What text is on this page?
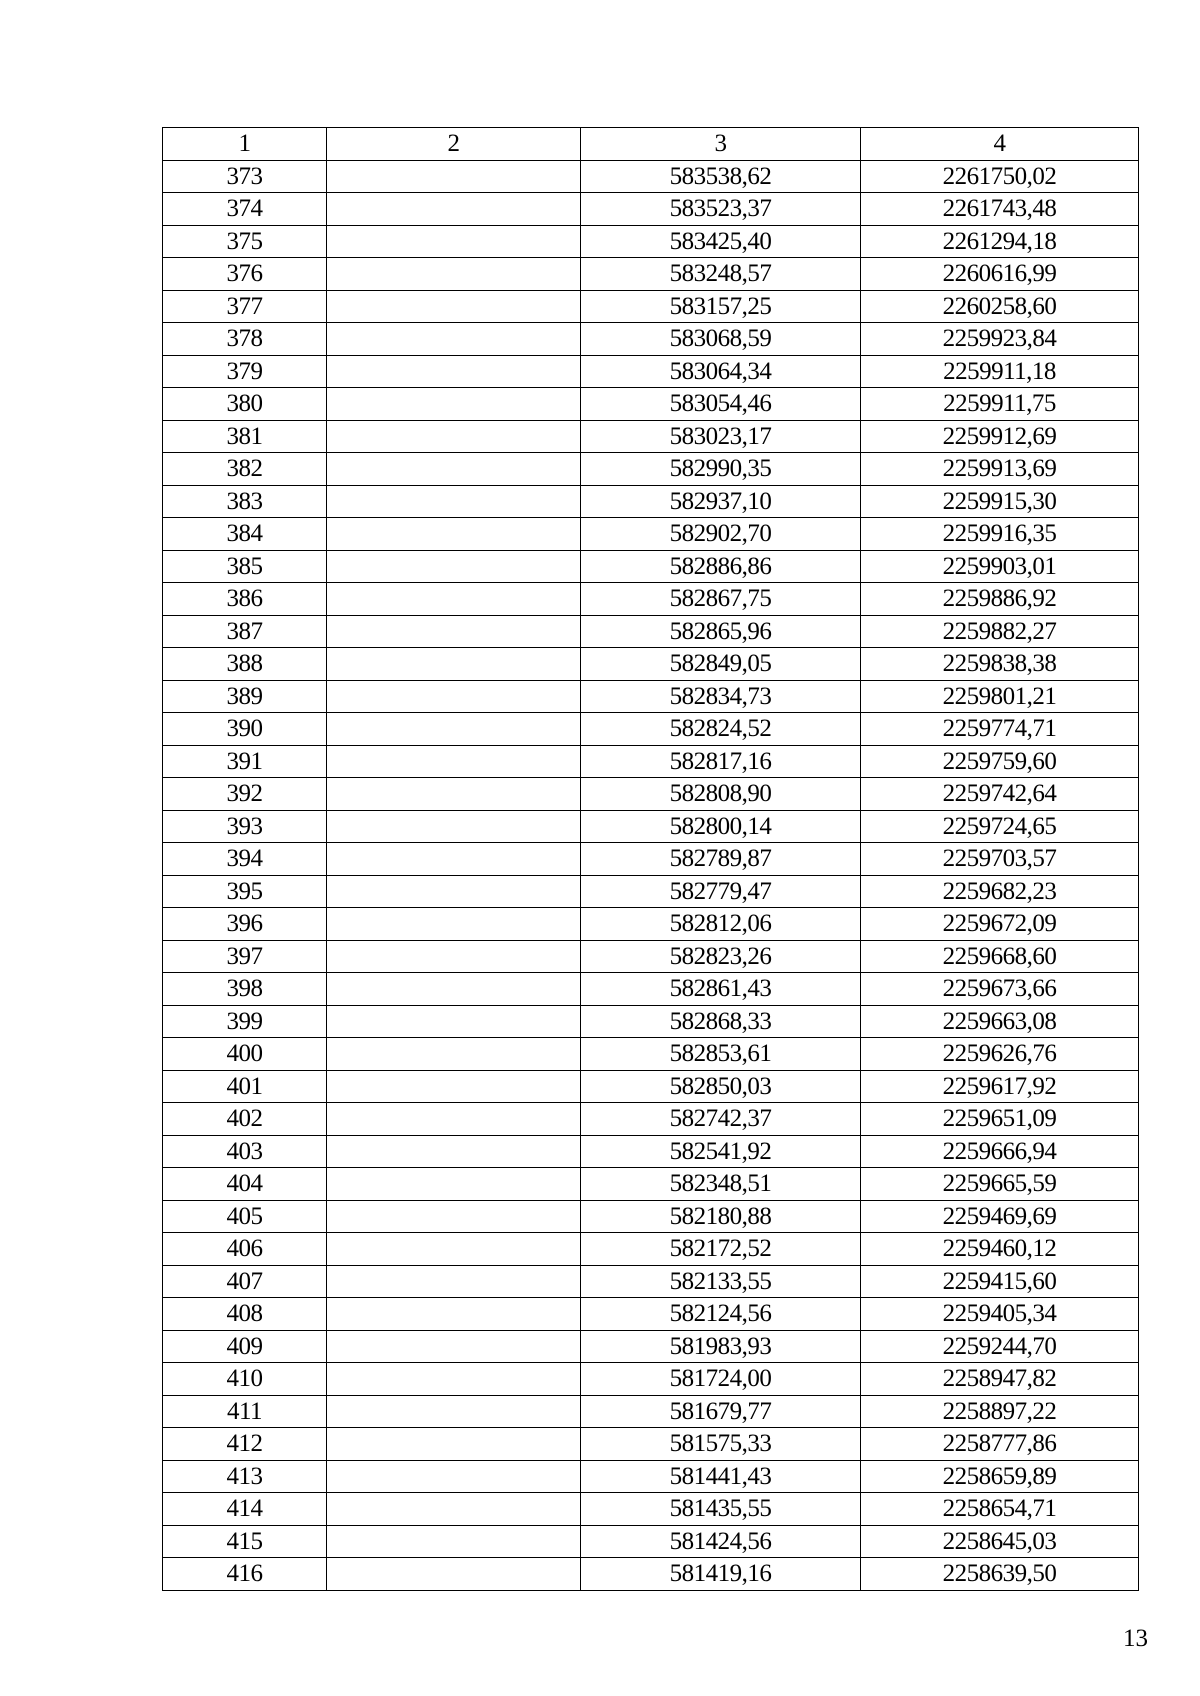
1	2	3	4
373		583538,62	2261750,02
374		583523,37	2261743,48
375		583425,40	2261294,18
376		583248,57	2260616,99
377		583157,25	2260258,60
378		583068,59	2259923,84
379		583064,34	2259911,18
380		583054,46	2259911,75
381		583023,17	2259912,69
382		582990,35	2259913,69
383		582937,10	2259915,30
384		582902,70	2259916,35
385		582886,86	2259903,01
386		582867,75	2259886,92
387		582865,96	2259882,27
388		582849,05	2259838,38
389		582834,73	2259801,21
390		582824,52	2259774,71
391		582817,16	2259759,60
392		582808,90	2259742,64
393		582800,14	2259724,65
394		582789,87	2259703,57
395		582779,47	2259682,23
396		582812,06	2259672,09
397		582823,26	2259668,60
398		582861,43	2259673,66
399		582868,33	2259663,08
400		582853,61	2259626,76
401		582850,03	2259617,92
402		582742,37	2259651,09
403		582541,92	2259666,94
404		582348,51	2259665,59
405		582180,88	2259469,69
406		582172,52	2259460,12
407		582133,55	2259415,60
408		582124,56	2259405,34
409		581983,93	2259244,70
410		581724,00	2258947,82
411		581679,77	2258897,22
412		581575,33	2258777,86
413		581441,43	2258659,89
414		581435,55	2258654,71
415		581424,56	2258645,03
416		581419,16	2258639,50
13
